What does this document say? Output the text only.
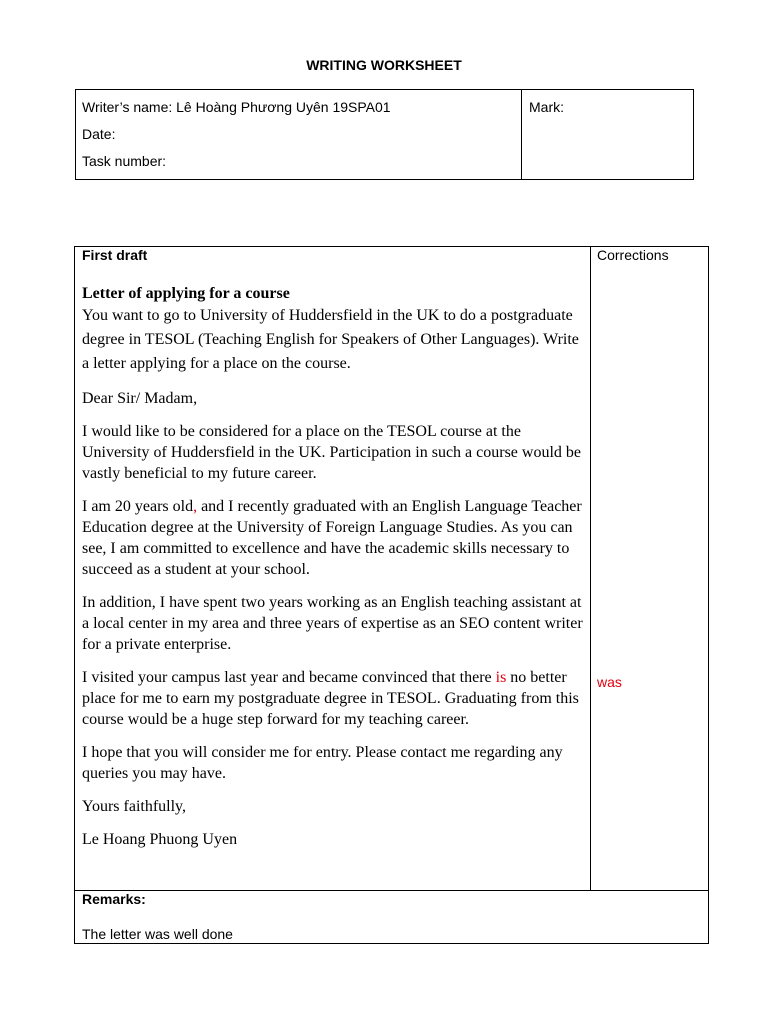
WRITING WORKSHEET
Writer’s name: Lê Hoàng Phương Uyên 19SPA01
Date:
Task number:
Mark:
First draft

Letter of applying for a course

You want to go to University of Huddersfield in the UK to do a postgraduate degree in TESOL (Teaching English for Speakers of Other Languages). Write a letter applying for a place on the course.

Dear Sir/ Madam,

I would like to be considered for a place on the TESOL course at the University of Huddersfield in the UK. Participation in such a course would be vastly beneficial to my future career.

I am 20 years old, and I recently graduated with an English Language Teacher Education degree at the University of Foreign Language Studies. As you can see, I am committed to excellence and have the academic skills necessary to succeed as a student at your school.

In addition, I have spent two years working as an English teaching assistant at a local center in my area and three years of expertise as an SEO content writer for a private enterprise.

I visited your campus last year and became convinced that there is no better place for me to earn my postgraduate degree in TESOL. Graduating from this course would be a huge step forward for my teaching career.

I hope that you will consider me for entry. Please contact me regarding any queries you may have.

Yours faithfully,

Le Hoang Phuong Uyen

Corrections
was
Remarks:
The letter was well done
